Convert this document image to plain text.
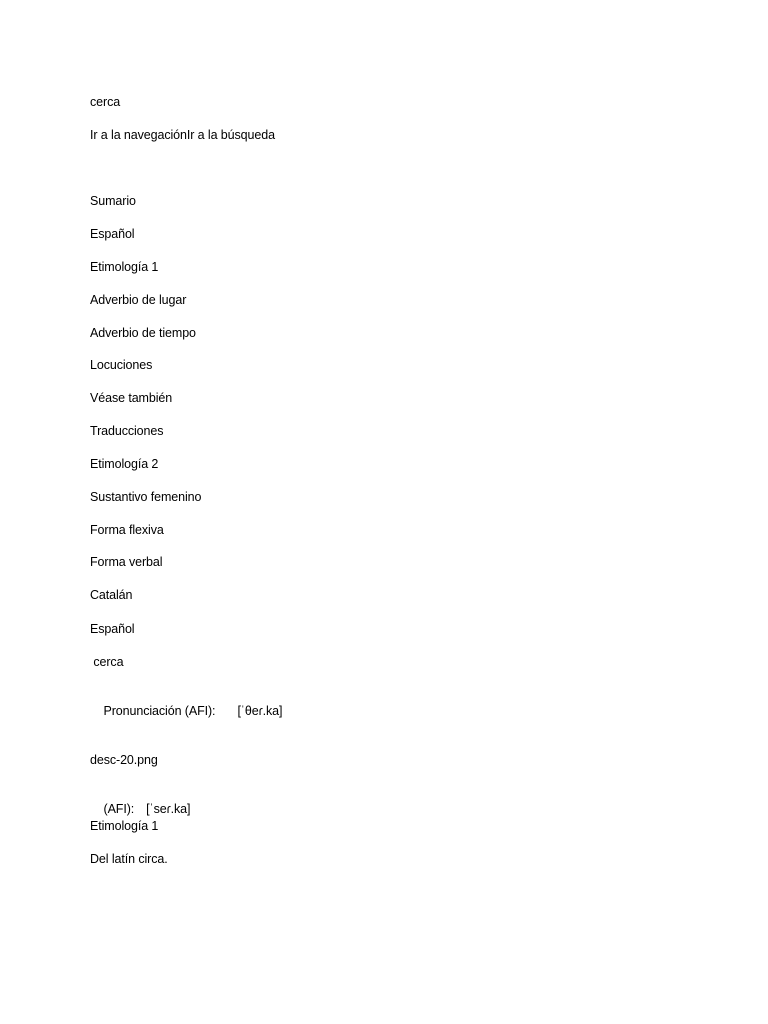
cerca
Ir a la navegaciónIr a la búsqueda
Sumario
Español
Etimología 1
Adverbio de lugar
Adverbio de tiempo
Locuciones
Véase también
Traducciones
Etimología 2
Sustantivo femenino
Forma flexiva
Forma verbal
Catalán
Español
cerca

Pronunciación (AFI): [ˈθeɾ.ka]

desc-20.png

(AFI): [ˈseɾ.ka]

Etimología 1
Del latín circa.
